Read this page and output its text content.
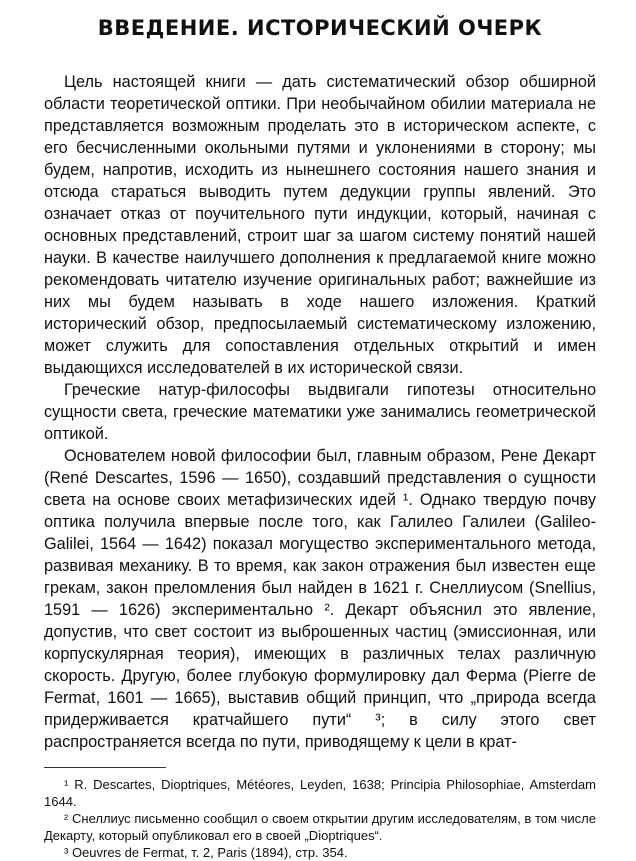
ВВЕДЕНИЕ. ИСТОРИЧЕСКИЙ ОЧЕРК

Цель настоящей книги — дать систематический обзор обширной области теоретической оптики. При необычайном обилии материала не представляется возможным проделать это в историческом аспекте, с его бесчисленными окольными путями и уклонениями в сторону; мы будем, напротив, исходить из нынешнего состояния нашего знания и отсюда стараться выводить путем дедукции группы явлений. Это означает отказ от поучительного пути индукции, который, начиная с основных представлений, строит шаг за шагом систему понятий нашей науки. В качестве наилучшего дополнения к предлагаемой книге можно рекомендовать читателю изучение оригинальных работ; важнейшие из них мы будем называть в ходе нашего изложения. Краткий исторический обзор, предпосылаемый систематическому изложению, может служить для сопоставления отдельных открытий и имен выдающихся исследователей в их исторической связи.

Греческие натур-философы выдвигали гипотезы относительно сущности света, греческие математики уже занимались геометрической оптикой.

Основателем новой философии был, главным образом, Рене Декарт (René Descartes, 1596 — 1650), создавший представления о сущности света на основе своих метафизических идей ¹. Однако твердую почву оптика получила впервые после того, как Галилео Галилеи (Galileo-Galilei, 1564 — 1642) показал могущество экспериментального метода, развивая механику. В то время, как закон отражения был известен еще грекам, закон преломления был найден в 1621 г. Снеллиусом (Snellius, 1591 — 1626) экспериментально ². Декарт объяснил это явление, допустив, что свет состоит из выброшенных частиц (эмиссионная, или корпускулярная теория), имеющих в различных телах различную скорость. Другую, более глубокую формулировку дал Ферма (Pierre de Fermat, 1601 — 1665), выставив общий принцип, что „природа всегда придерживается кратчайшего пути“ ³; в силу этого свет распространяется всегда по пути, приводящему к цели в крат-

¹ R. Descartes, Dioptriques, Météores, Leyden, 1638; Principia Philosophiae, Amsterdam 1644.

² Снеллиус письменно сообщил о своем открытии другим исследователям, в том числе Декарту, который опубликовал его в своей „Dioptriques“.

³ Oeuvres de Fermat, т. 2, Paris (1894), стр. 354.
